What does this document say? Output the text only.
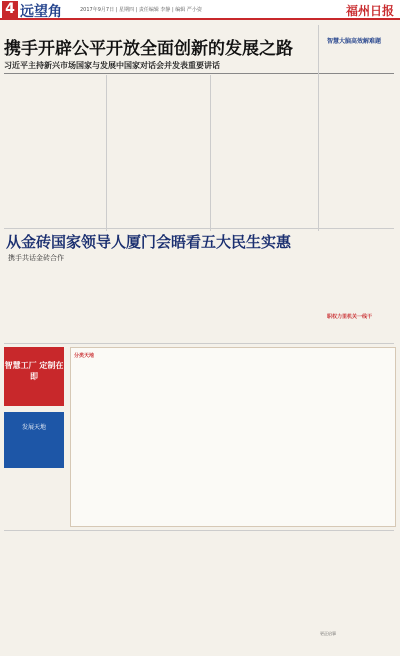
4 远望角	2017年9月7日 | 星期四 | 责任编辑 李静 | 编辑 严小姿	福州日报
携手开辟公平开放全面创新的发展之路
习近平主持新兴市场国家与发展中国家对话会并发表重要讲话
智慧大脑高效解难题
职权力里机关一线干
从金砖国家领导人厦门会晤看五大民生实惠
携手共话金砖合作
智慧工厂 定制在即
发展天地
分类天地
更正启事
